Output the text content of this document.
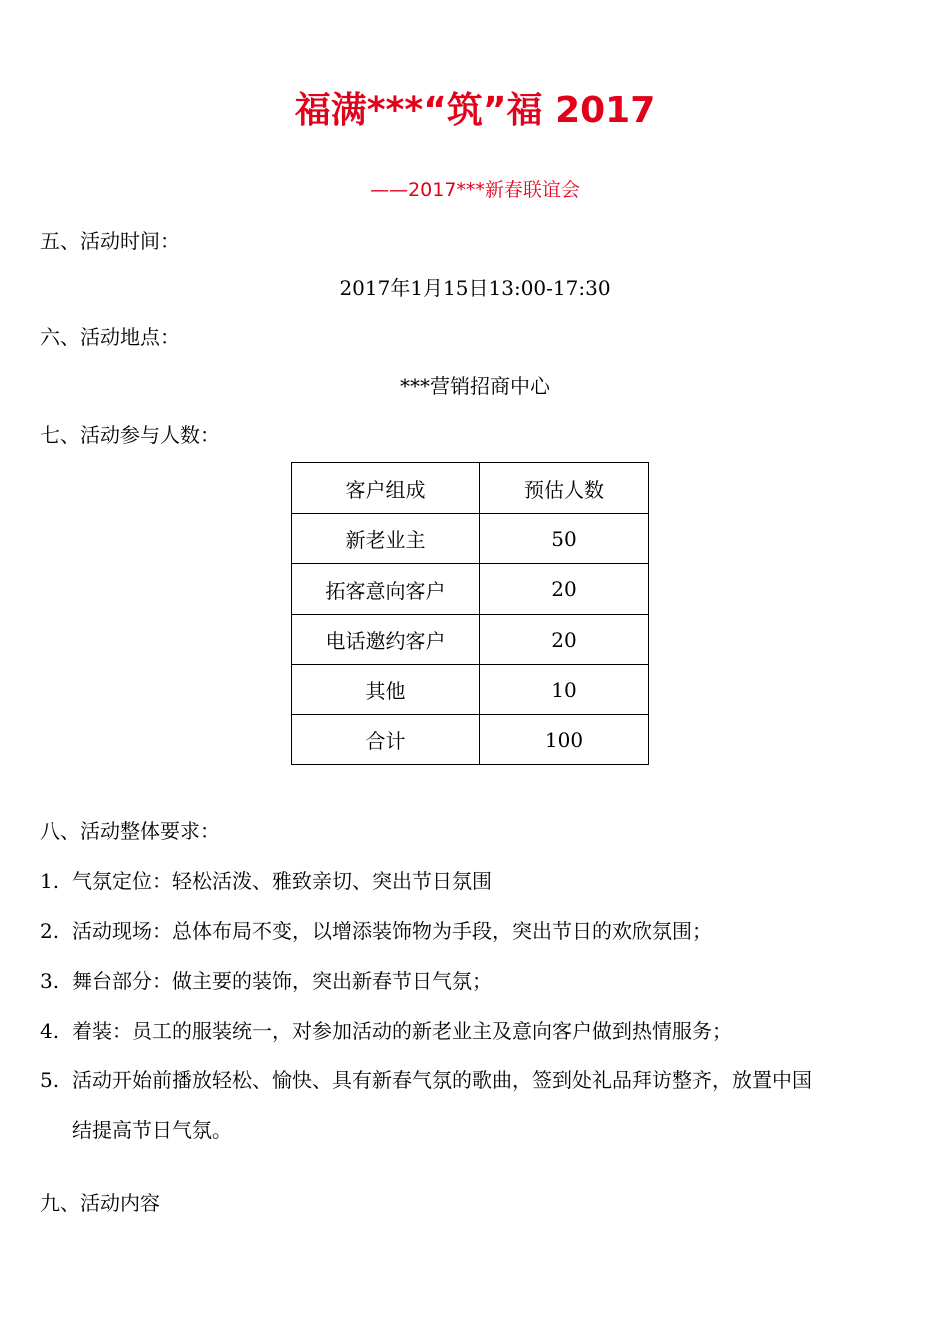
福满***“筑”福 2017
——2017***新春联谊会
五、活动时间：
2017年1月15日13:00-17:30
六、活动地点：
***营销招商中心
七、活动参与人数：
客户组成	预估人数
新老业主	50
拓客意向客户	20
电话邀约客户	20
其他	10
合计	100
八、活动整体要求：
1. 气氛定位：轻松活泼、雅致亲切、突出节日氛围
2. 活动现场：总体布局不变，以增添装饰物为手段，突出节日的欢欣氛围；
3. 舞台部分：做主要的装饰，突出新春节日气氛；
4. 着装：员工的服装统一，对参加活动的新老业主及意向客户做到热情服务；
5. 活动开始前播放轻松、愉快、具有新春气氛的歌曲，签到处礼品拜访整齐，放置中国
结提高节日气氛。
九、活动内容
